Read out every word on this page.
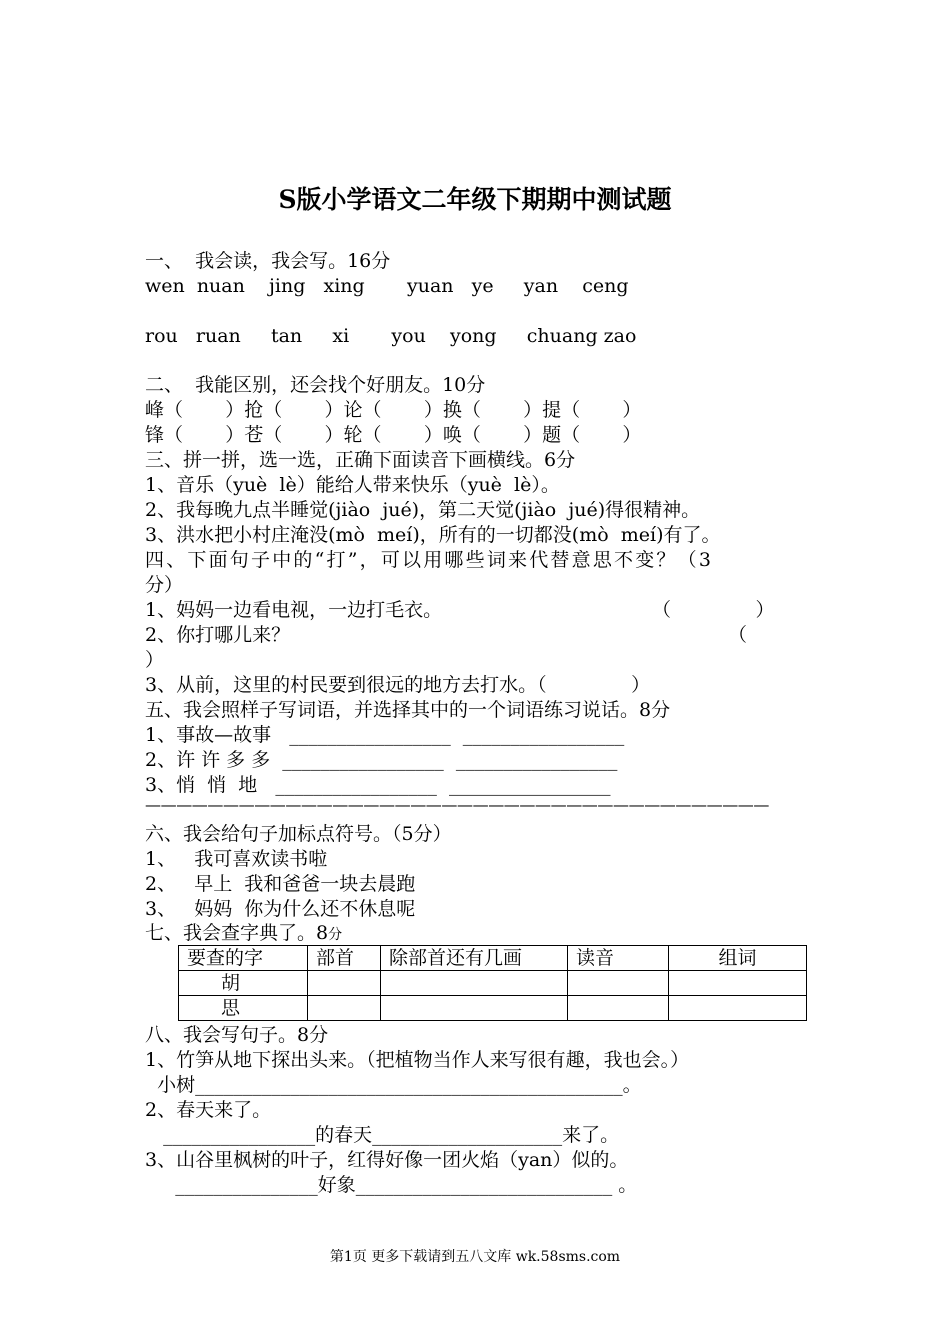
S版小学语文二年级下期期中测试题
一、  我会读，我会写。16分
wen  nuan    jing   xing       yuan   ye     yan    ceng
rou   ruan     tan     xi       you    yong     chuang zao
二、  我能区别，还会找个好朋友。10分
峰（       ）抢（       ）论（       ）换（       ）提（       ）
锋（       ）苍（       ）轮（       ）唤（       ）题（       ）
三、拼一拼，选一选，正确下面读音下画横线。6分
1、音乐（yuè  lè）能给人带来快乐（yuè  lè）。
2、我每晚九点半睡觉(jiào  jué)，第二天觉(jiào  jué)得很精神。
3、洪水把小村庄淹没(mò  meí)，所有的一切都没(mò  meí)有了。
四、下面句子中的“打”，可以用哪些词来代替意思不变？（3
分）
1、妈妈一边看电视，一边打毛衣。	（              ）
2、你打哪儿来？	（
）
3、从前，这里的村民要到很远的地方去打水。（              ）
五、我会照样子写词语，并选择其中的一个词语练习说话。8分
1、事故—故事   _________________  _________________
2、许 许 多 多  _________________  _________________
3、悄  悄  地   _________________  _________________
————————————————————————————————————————
六、我会给句子加标点符号。（5分）
1、   我可喜欢读书啦
2、   早上  我和爸爸一块去晨跑
3、   妈妈  你为什么还不休息呢
七、我会查字典了。8分
要查的字	部首	除部首还有几画	读音	组词
胡				
思				
八、我会写句子。8分
1、竹笋从地下探出头来。（把植物当作人来写很有趣，我也会。）
小树_____________________________________________。
2、春天来了。
________________的春天____________________来了。
3、山谷里枫树的叶子，红得好像一团火焰（yan）似的。
_______________好象___________________________ 。
第1页 更多下载请到五八文库 wk.58sms.com
